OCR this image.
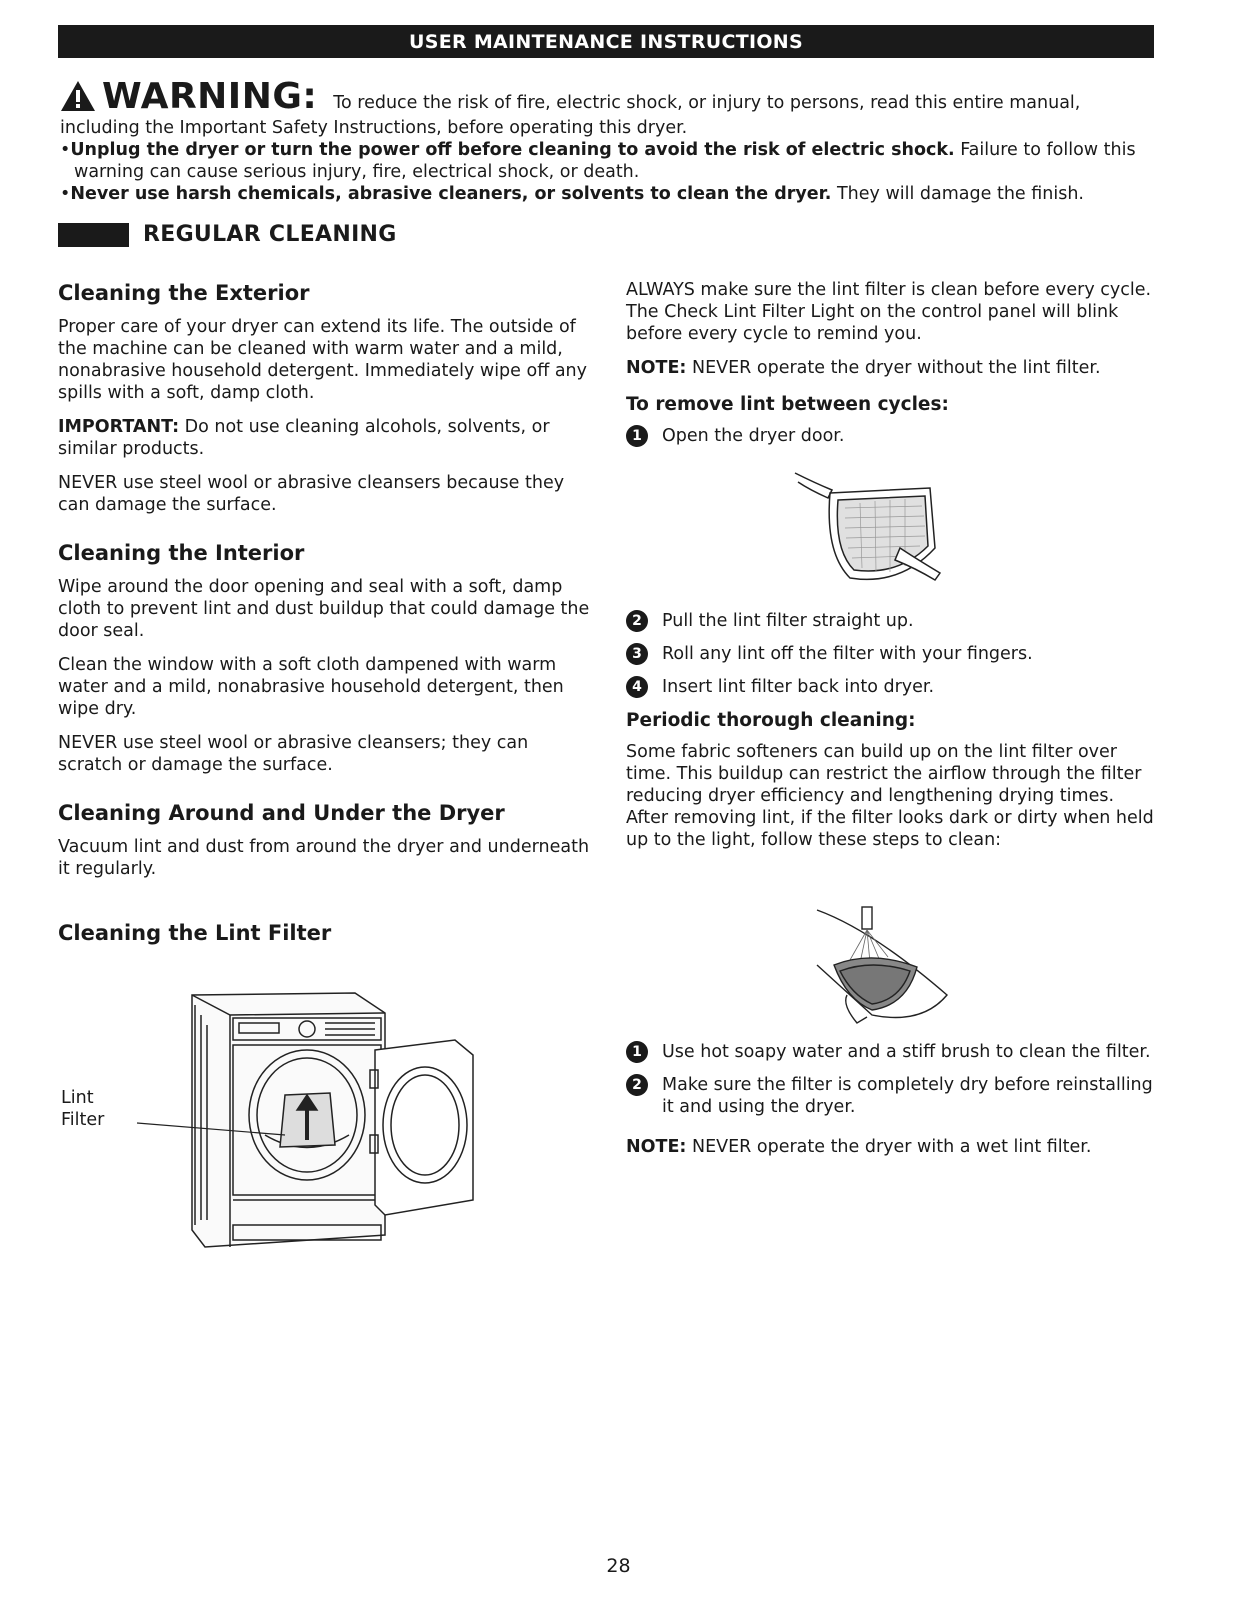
USER MAINTENANCE INSTRUCTIONS
WARNING: To reduce the risk of fire, electric shock, or injury to persons, read this entire manual,
including the Important Safety Instructions, before operating this dryer.
•Unplug the dryer or turn the power off before cleaning to avoid the risk of electric shock. Failure to follow this warning can cause serious injury, fire, electrical shock, or death.
•Never use harsh chemicals, abrasive cleaners, or solvents to clean the dryer. They will damage the finish.
REGULAR CLEANING
Cleaning the Exterior

Proper care of your dryer can extend its life. The outside of the machine can be cleaned with warm water and a mild, nonabrasive household detergent. Immediately wipe off any spills with a soft, damp cloth.

IMPORTANT: Do not use cleaning alcohols, solvents, or similar products.

NEVER use steel wool or abrasive cleansers because they can damage the surface.

Cleaning the Interior

Wipe around the door opening and seal with a soft, damp cloth to prevent lint and dust buildup that could damage the door seal.

Clean the window with a soft cloth dampened with warm water and a mild, nonabrasive household detergent, then wipe dry.

NEVER use steel wool or abrasive cleansers; they can scratch or damage the surface.

Cleaning Around and Under the Dryer

Vacuum lint and dust from around the dryer and underneath it regularly.

Cleaning the Lint Filter
Lint
Filter

ALWAYS make sure the lint filter is clean before every cycle. The Check Lint Filter Light on the control panel will blink before every cycle to remind you.

NOTE: NEVER operate the dryer without the lint filter.

To remove lint between cycles:
1	Open the dryer door.
2	Pull the lint filter straight up.
3	Roll any lint off the filter with your fingers.
4	Insert lint filter back into dryer.
Periodic thorough cleaning:

Some fabric softeners can build up on the lint filter over time. This buildup can restrict the airflow through the filter reducing dryer efficiency and lengthening drying times. After removing lint, if the filter looks dark or dirty when held up to the light, follow these steps to clean:

1	Use hot soapy water and a stiff brush to clean the filter.
2	Make sure the filter is completely dry before reinstalling it and using the dryer.

NOTE: NEVER operate the dryer with a wet lint filter.

28
